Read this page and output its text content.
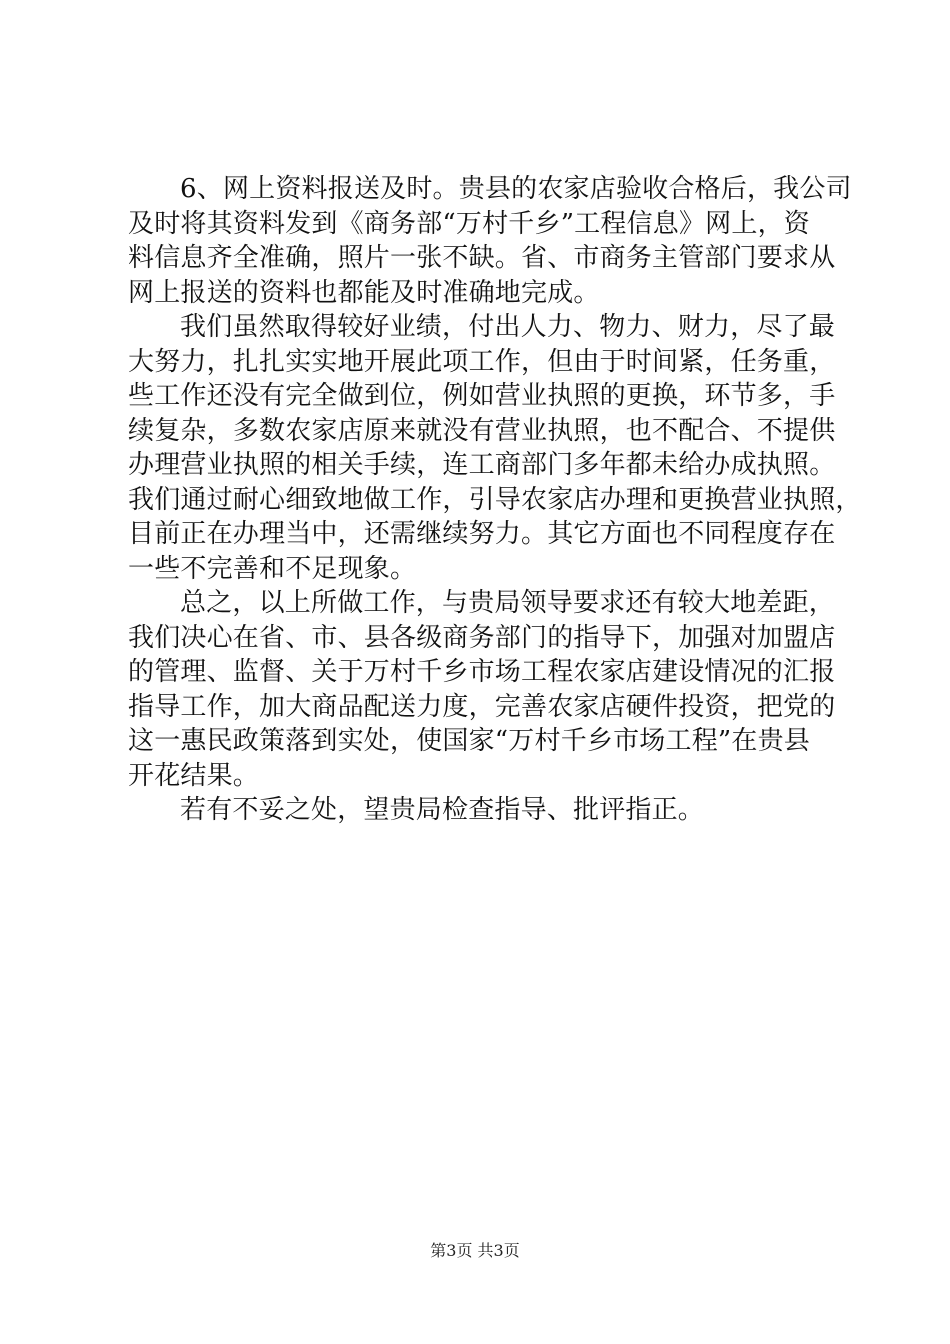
6、网上资料报送及时。贵县的农家店验收合格后，我公司
及时将其资料发到《商务部“万村千乡”工程信息》网上，资
料信息齐全准确，照片一张不缺。省、市商务主管部门要求从
网上报送的资料也都能及时准确地完成。
我们虽然取得较好业绩，付出人力、物力、财力，尽了最
大努力，扎扎实实地开展此项工作，但由于时间紧，任务重，
些工作还没有完全做到位，例如营业执照的更换，环节多，手
续复杂，多数农家店原来就没有营业执照，也不配合、不提供
办理营业执照的相关手续，连工商部门多年都未给办成执照。
我们通过耐心细致地做工作，引导农家店办理和更换营业执照，
目前正在办理当中，还需继续努力。其它方面也不同程度存在
一些不完善和不足现象。
总之，以上所做工作，与贵局领导要求还有较大地差距，
我们决心在省、市、县各级商务部门的指导下，加强对加盟店
的管理、监督、关于万村千乡市场工程农家店建设情况的汇报
指导工作，加大商品配送力度，完善农家店硬件投资，把党的
这一惠民政策落到实处，使国家“万村千乡市场工程”在贵县
开花结果。
若有不妥之处，望贵局检查指导、批评指正。
第3页 共3页
